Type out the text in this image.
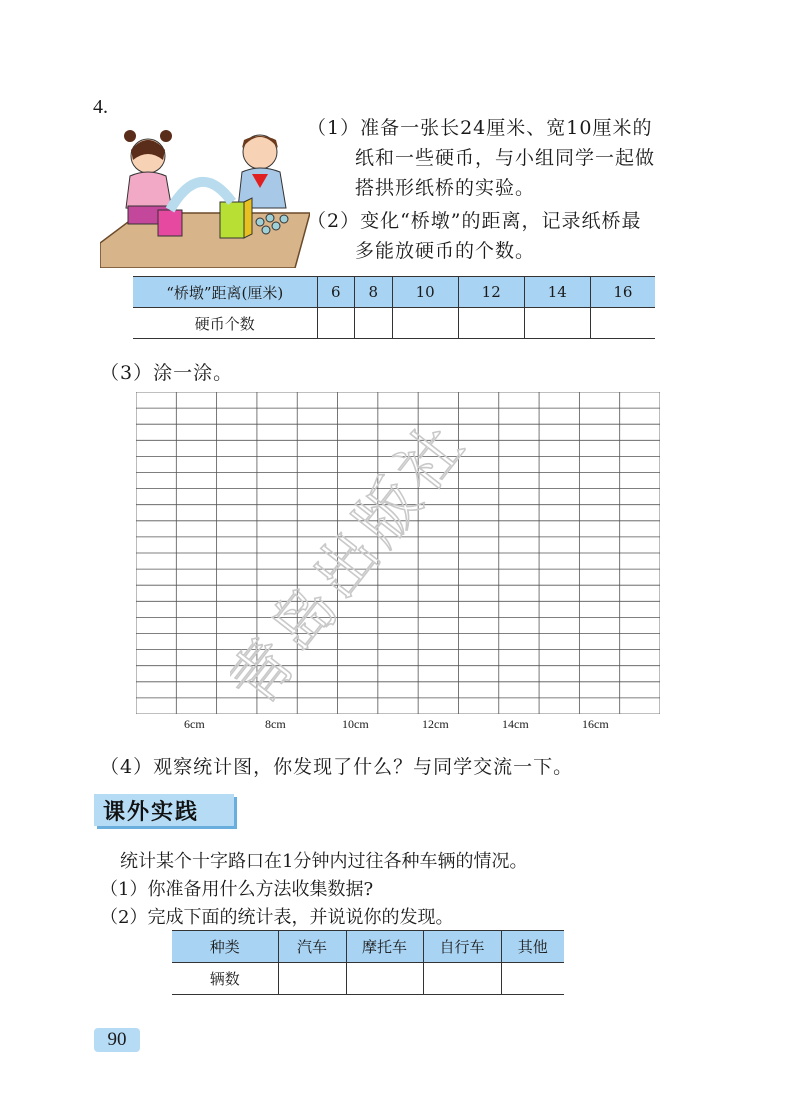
4.
（1）准备一张长24厘米、宽10厘米的
纸和一些硬币，与小组同学一起做
搭拱形纸桥的实验。
（2）变化“桥墩”的距离，记录纸桥最
多能放硬币的个数。
“桥墩”距离(厘米)	6	8	10	12	14	16
硬币个数						
（3）涂一涂。
6cm	8cm	10cm	12cm	14cm	16cm
青岛出版社
（4）观察统计图，你发现了什么？与同学交流一下。
课外实践
统计某个十字路口在1分钟内过往各种车辆的情况。
（1）你准备用什么方法收集数据?
（2）完成下面的统计表，并说说你的发现。
种类	汽车	摩托车	自行车	其他
辆数				
90
